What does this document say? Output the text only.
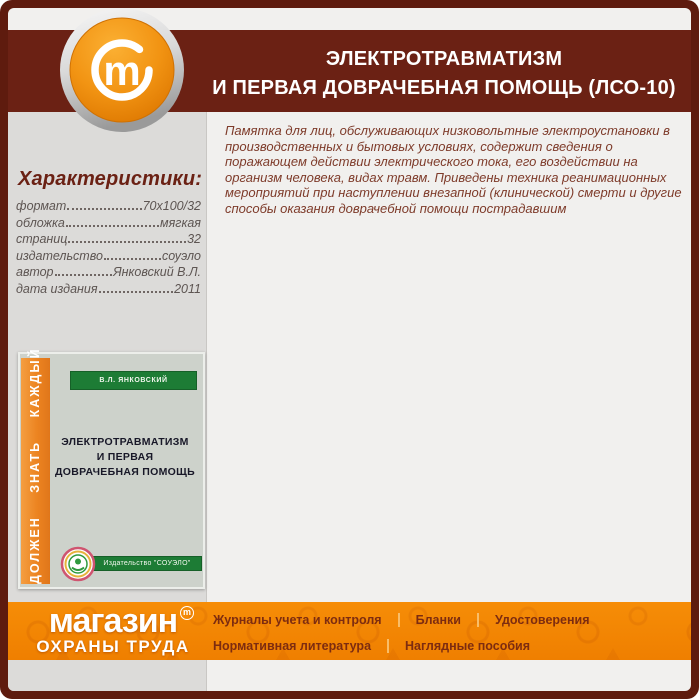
ЭЛЕКТРОТРАВМАТИЗМ
И ПЕРВАЯ ДОВРАЧЕБНАЯ ПОМОЩЬ (ЛСО-10)
m
Памятка для лиц, обслуживающих низковольтные электроустановки в производственных и бытовых условиях, содержит сведения о поражающем действии электрического тока, его воздействии на организм человека, видах травм. Приведены техника реанимационных мероприятий при наступлении внезапной (клинической) смерти и другие способы оказания доврачебной помощи пострадавшим
Характеристики:
формат	70x100/32
обложка	мягкая
страниц	32
издательство	соуэло
автор	Янковский В.Л.
дата издания	2011
ДОЛЖЕН ЗНАТЬ КАЖДЫЙ	В.Л. ЯНКОВСКИЙ
ЭЛЕКТРОТРАВМАТИЗМ
И ПЕРВАЯ
ДОВРАЧЕБНАЯ ПОМОЩЬ
Издательство "СОУЭЛО"
магазин
ОХРАНЫ ТРУДА
m
Журналы учета и контроля	Бланки	Удостоверения
Нормативная литература	Наглядные пособия
